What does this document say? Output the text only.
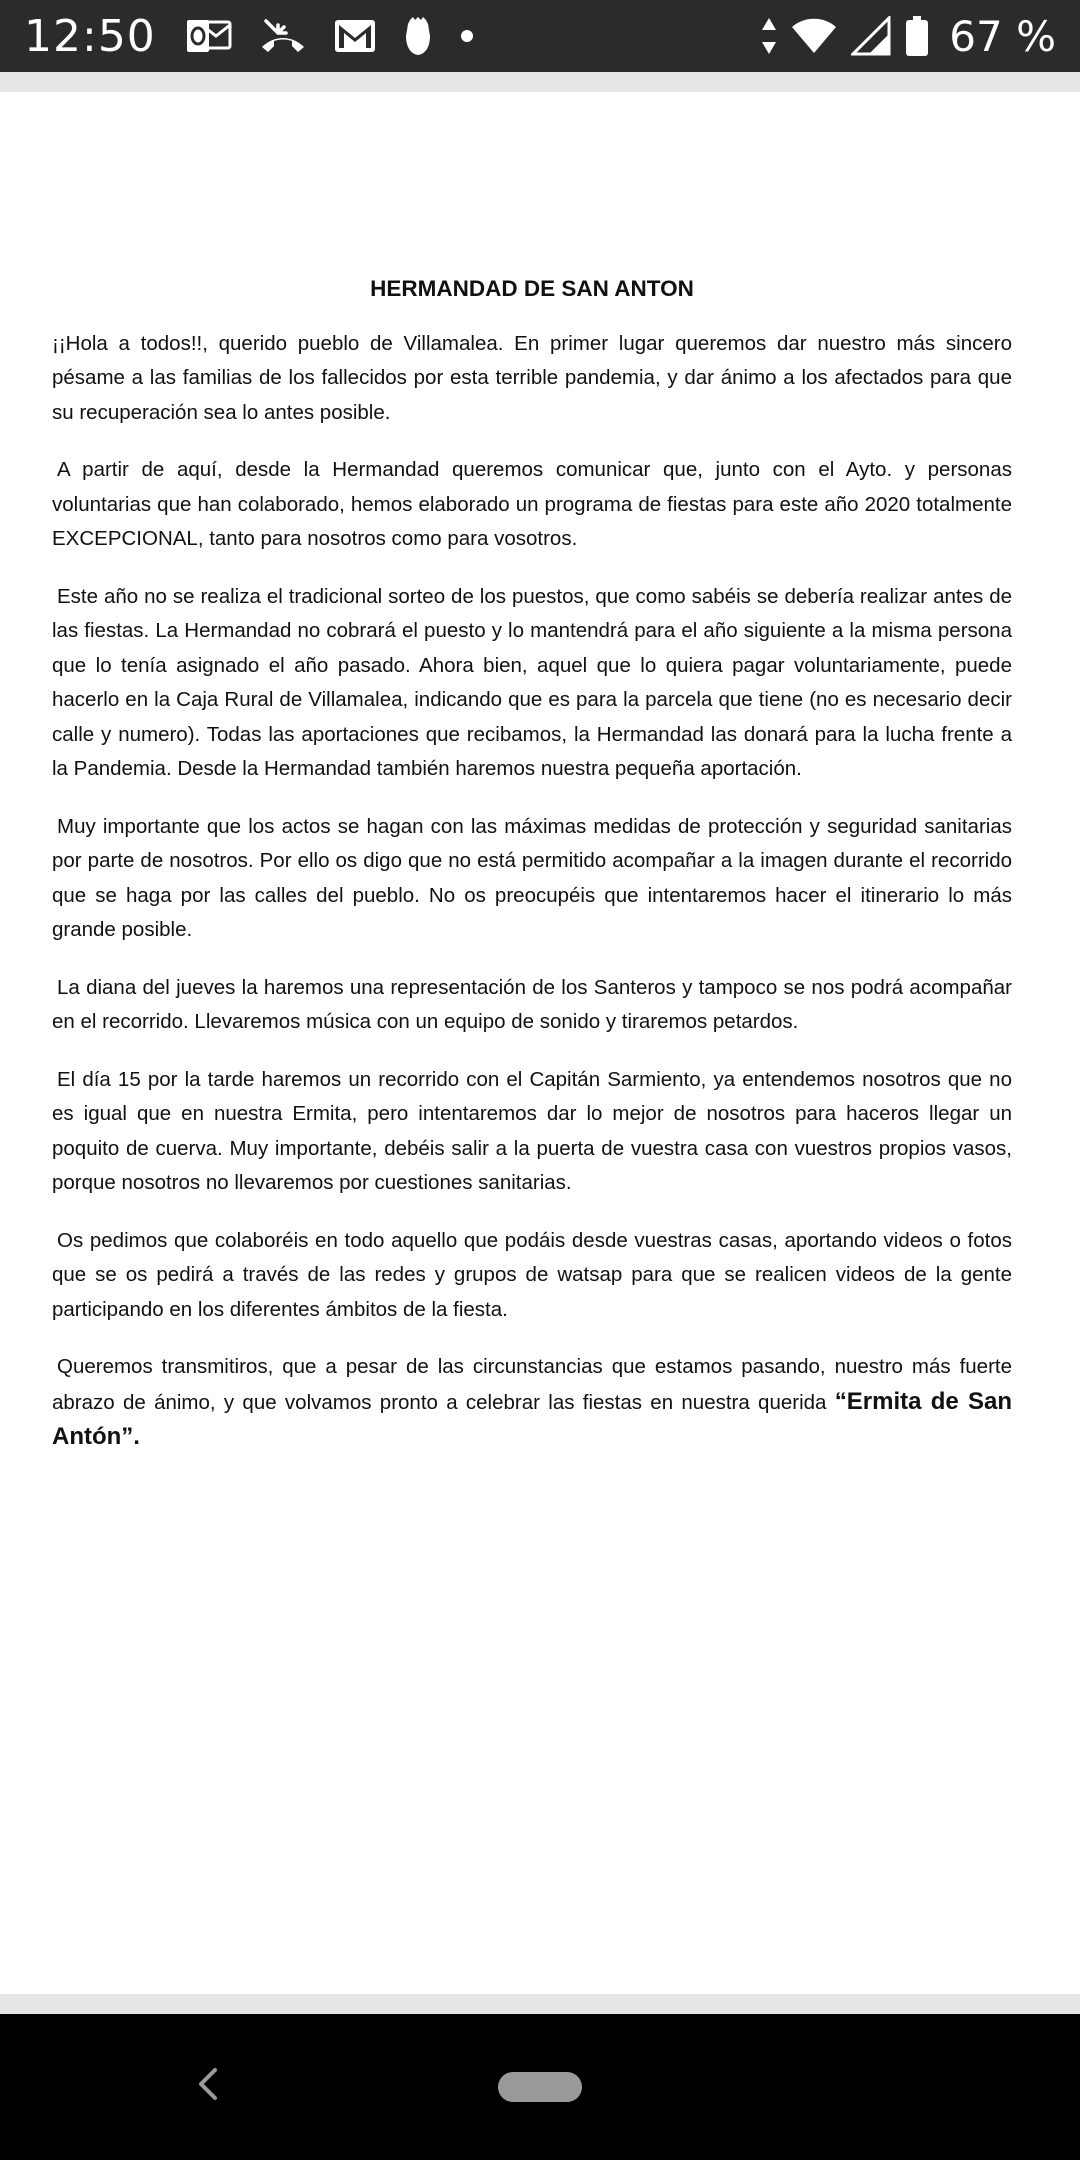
12:50	67 %
HERMANDAD DE SAN ANTON

¡¡Hola a todos!!, querido pueblo de Villamalea. En primer lugar queremos dar nuestro más sincero pésame a las familias de los fallecidos por esta terrible pandemia, y dar ánimo a los afectados para que su recuperación sea lo antes posible.

A partir de aquí, desde la Hermandad queremos comunicar que, junto con el Ayto. y personas voluntarias que han colaborado, hemos elaborado un programa de fiestas para este año 2020 totalmente EXCEPCIONAL, tanto para nosotros como para vosotros.

Este año no se realiza el tradicional sorteo de los puestos, que como sabéis se debería realizar antes de las fiestas. La Hermandad no cobrará el puesto y lo mantendrá para el año siguiente a la misma persona que lo tenía asignado el año pasado. Ahora bien, aquel que lo quiera pagar voluntariamente, puede hacerlo en la Caja Rural de Villamalea, indicando que es para la parcela que tiene (no es necesario decir calle y numero). Todas las aportaciones que recibamos, la Hermandad las donará para la lucha frente a la Pandemia. Desde la Hermandad también haremos nuestra pequeña aportación.

Muy importante que los actos se hagan con las máximas medidas de protección y seguridad sanitarias por parte de nosotros. Por ello os digo que no está permitido acompañar a la imagen durante el recorrido que se haga por las calles del pueblo. No os preocupéis que intentaremos hacer el itinerario lo más grande posible.

La diana del jueves la haremos una representación de los Santeros y tampoco se nos podrá acompañar en el recorrido. Llevaremos música con un equipo de sonido y tiraremos petardos.

El día 15 por la tarde haremos un recorrido con el Capitán Sarmiento, ya entendemos nosotros que no es igual que en nuestra Ermita, pero intentaremos dar lo mejor de nosotros para haceros llegar un poquito de cuerva. Muy importante, debéis salir a la puerta de vuestra casa con vuestros propios vasos, porque nosotros no llevaremos por cuestiones sanitarias.

Os pedimos que colaboréis en todo aquello que podáis desde vuestras casas, aportando videos o fotos que se os pedirá a través de las redes y grupos de watsap para que se realicen videos de la gente participando en los diferentes ámbitos de la fiesta.

Queremos transmitiros, que a pesar de las circunstancias que estamos pasando, nuestro más fuerte abrazo de ánimo, y que volvamos pronto a celebrar las fiestas en nuestra querida “Ermita de San Antón”.
